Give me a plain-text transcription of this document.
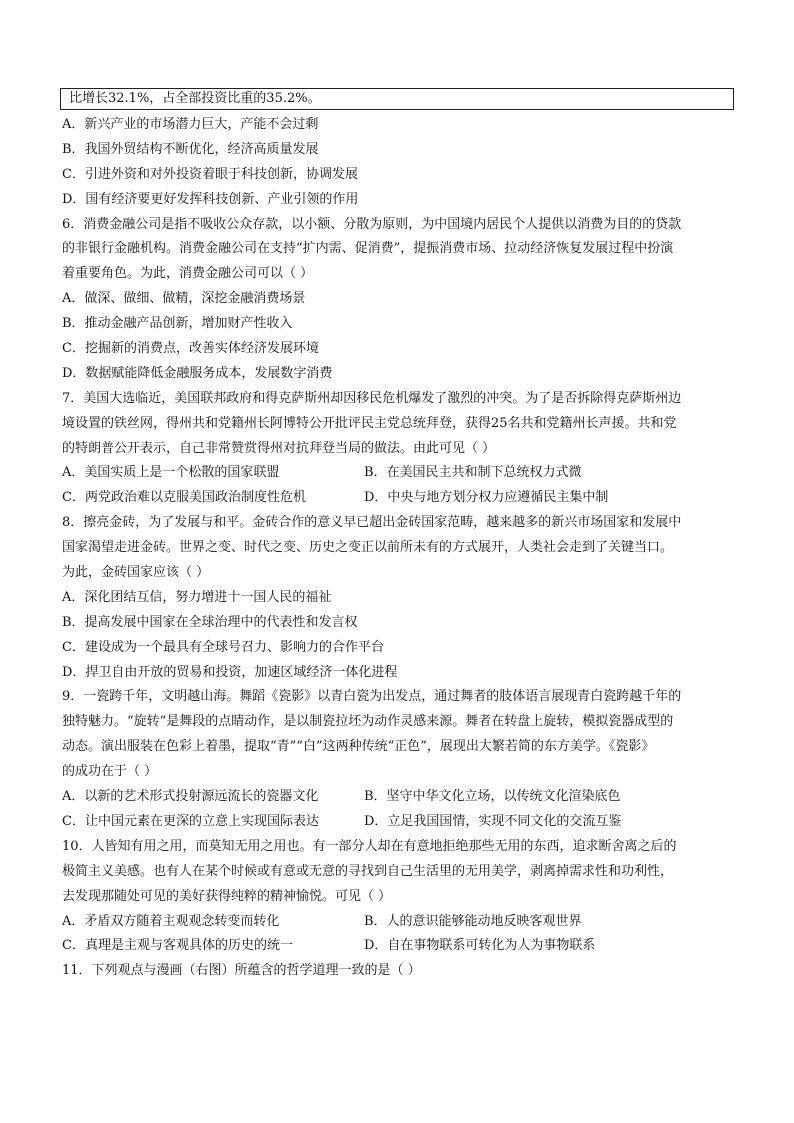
比增长32.1%，占全部投资比重的35.2%。
A．新兴产业的市场潜力巨大，产能不会过剩
B．我国外贸结构不断优化，经济高质量发展
C．引进外资和对外投资着眼于科技创新，协调发展
D．国有经济要更好发挥科技创新、产业引领的作用
6．消费金融公司是指不吸收公众存款，以小额、分散为原则，为中国境内居民个人提供以消费为目的的贷款
的非银行金融机构。消费金融公司在支持“扩内需、促消费”，提振消费市场、拉动经济恢复发展过程中扮演
着重要角色。为此，消费金融公司可以（ ）
A．做深、做细、做精，深挖金融消费场景
B．推动金融产品创新，增加财产性收入
C．挖掘新的消费点，改善实体经济发展环境
D．数据赋能降低金融服务成本，发展数字消费
7．美国大选临近，美国联邦政府和得克萨斯州却因移民危机爆发了激烈的冲突。为了是否拆除得克萨斯州边
境设置的铁丝网，得州共和党籍州长阿博特公开批评民主党总统拜登，获得25名共和党籍州长声援。共和党
的特朗普公开表示，自己非常赞赏得州对抗拜登当局的做法。由此可见（ ）
A．美国实质上是一个松散的国家联盟	B．在美国民主共和制下总统权力式微
C．两党政治难以克服美国政治制度性危机	D．中央与地方划分权力应遵循民主集中制
8．擦亮金砖，为了发展与和平。金砖合作的意义早已超出金砖国家范畴，越来越多的新兴市场国家和发展中
国家渴望走进金砖。世界之变、时代之变、历史之变正以前所未有的方式展开，人类社会走到了关键当口。
为此，金砖国家应该（ ）
A．深化团结互信，努力增进十一国人民的福祉
B．提高发展中国家在全球治理中的代表性和发言权
C．建设成为一个最具有全球号召力、影响力的合作平台
D．捍卫自由开放的贸易和投资，加速区域经济一体化进程
9．一瓷跨千年，文明越山海。舞蹈《瓷影》以青白瓷为出发点，通过舞者的肢体语言展现青白瓷跨越千年的
独特魅力。“旋转”是舞段的点睛动作，是以制瓷拉坯为动作灵感来源。舞者在转盘上旋转，模拟瓷器成型的
动态。演出服装在色彩上着墨，提取“青”“白”这两种传统“正色”，展现出大繁若简的东方美学。《瓷影》
的成功在于（ ）
A．以新的艺术形式投射源远流长的瓷器文化	B．坚守中华文化立场，以传统文化渲染底色
C．让中国元素在更深的立意上实现国际表达	D．立足我国国情，实现不同文化的交流互鉴
10．人皆知有用之用，而莫知无用之用也。有一部分人却在有意地拒绝那些无用的东西，追求断舍离之后的
极简主义美感。也有人在某个时候或有意或无意的寻找到自己生活里的无用美学，剥离掉需求性和功利性，
去发现那随处可见的美好获得纯粹的精神愉悦。可见（ ）
A．矛盾双方随着主观观念转变而转化	B．人的意识能够能动地反映客观世界
C．真理是主观与客观具体的历史的统一	D．自在事物联系可转化为人为事物联系
11．下列观点与漫画（右图）所蕴含的哲学道理一致的是（ ）
